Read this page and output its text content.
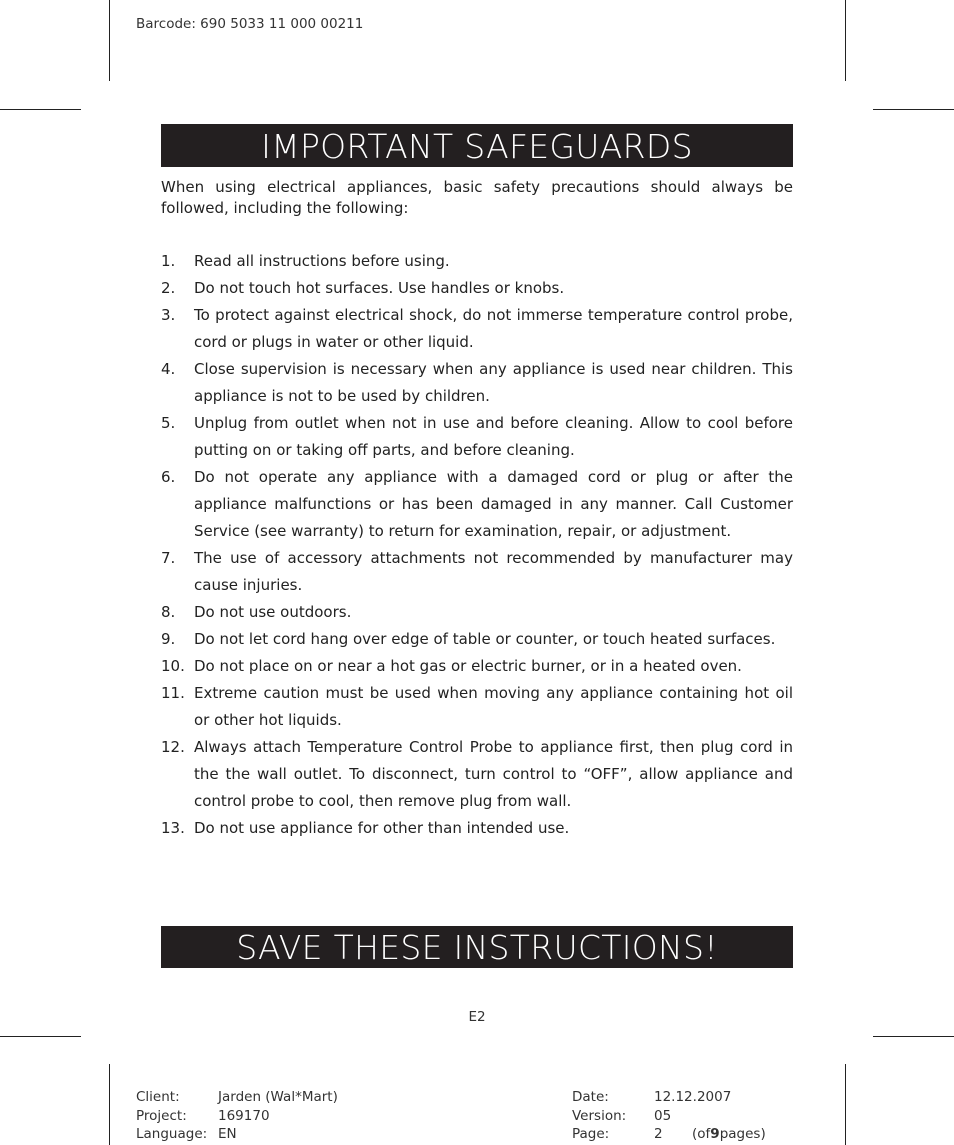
Barcode: 690 5033 11 000 00211
IMPORTANT SAFEGUARDS
When using electrical appliances, basic safety precautions should always be followed, including the following:
1.	Read all instructions before using.
2.	Do not touch hot surfaces. Use handles or knobs.
3.	To protect against electrical shock, do not immerse temperature control probe, cord or plugs in water or other liquid.
4.	Close supervision is necessary when any appliance is used near children. This appliance is not to be used by children.
5.	Unplug from outlet when not in use and before cleaning. Allow to cool before putting on or taking off parts, and before cleaning.
6.	Do not operate any appliance with a damaged cord or plug or after the appliance malfunctions or has been damaged in any manner. Call Customer Service (see warranty) to return for examination, repair, or adjustment.
7.	The use of accessory attachments not recommended by manufacturer may cause injuries.
8.	Do not use outdoors.
9.	Do not let cord hang over edge of table or counter, or touch heated surfaces.
10. Do not place on or near a hot gas or electric burner, or in a heated oven.
11. Extreme caution must be used when moving any appliance containing hot oil or other hot liquids.
12. Always attach Temperature Control Probe to appliance first, then plug cord in the the wall outlet. To disconnect, turn control to “OFF”, allow appliance and control probe to cool, then remove plug from wall.
13. Do not use appliance for other than intended use.
SAVE THESE INSTRUCTIONS!
E2
Client:	Jarden (Wal*Mart)
Project:	169170
Language: EN
Date:	12.12.2007
Version:	05
Page:	2	(of 9 pages)
